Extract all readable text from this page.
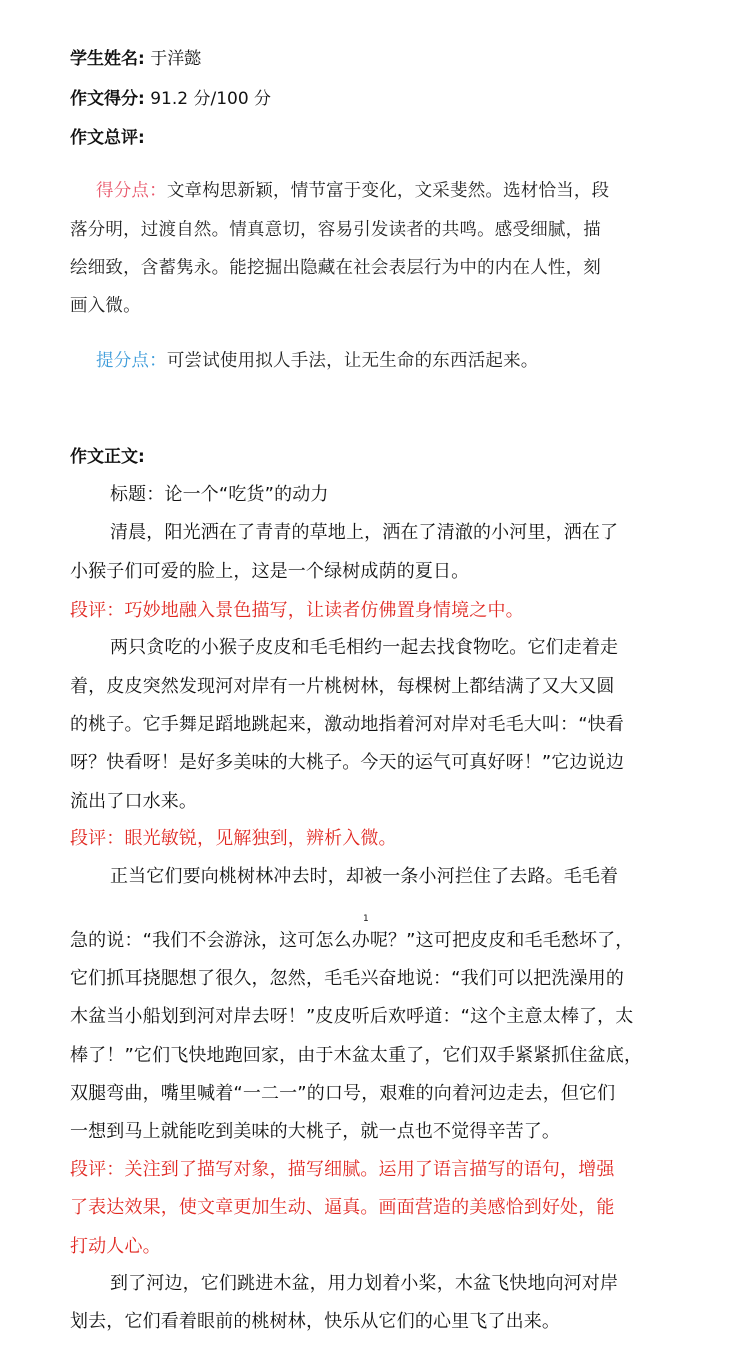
学生姓名: 于洋懿
作文得分: 91.2 分/100 分
作文总评:
得分点：文章构思新颖，情节富于变化，文采斐然。选材恰当，段
落分明，过渡自然。情真意切，容易引发读者的共鸣。感受细腻，描
绘细致，含蓄隽永。能挖掘出隐藏在社会表层行为中的内在人性，刻
画入微。
提分点：可尝试使用拟人手法，让无生命的东西活起来。
作文正文:
标题：论一个“吃货”的动力
清晨，阳光洒在了青青的草地上，洒在了清澈的小河里，洒在了
小猴子们可爱的脸上，这是一个绿树成荫的夏日。
段评：巧妙地融入景色描写，让读者仿佛置身情境之中。
两只贪吃的小猴子皮皮和毛毛相约一起去找食物吃。它们走着走
着，皮皮突然发现河对岸有一片桃树林，每棵树上都结满了又大又圆
的桃子。它手舞足蹈地跳起来，激动地指着河对岸对毛毛大叫：“快看
呀？快看呀！是好多美味的大桃子。今天的运气可真好呀！”它边说边
流出了口水来。
段评：眼光敏锐，见解独到，辨析入微。
正当它们要向桃树林冲去时，却被一条小河拦住了去路。毛毛着
1
急的说：“我们不会游泳，这可怎么办呢？”这可把皮皮和毛毛愁坏了，
它们抓耳挠腮想了很久，忽然，毛毛兴奋地说：“我们可以把洗澡用的
木盆当小船划到河对岸去呀！”皮皮听后欢呼道：“这个主意太棒了，太
棒了！”它们飞快地跑回家，由于木盆太重了，它们双手紧紧抓住盆底，
双腿弯曲，嘴里喊着“一二一”的口号，艰难的向着河边走去，但它们
一想到马上就能吃到美味的大桃子，就一点也不觉得辛苦了。
段评：关注到了描写对象，描写细腻。运用了语言描写的语句，增强
了表达效果，使文章更加生动、逼真。画面营造的美感恰到好处，能
打动人心。
到了河边，它们跳进木盆，用力划着小桨，木盆飞快地向河对岸
划去，它们看着眼前的桃树林，快乐从它们的心里飞了出来。
